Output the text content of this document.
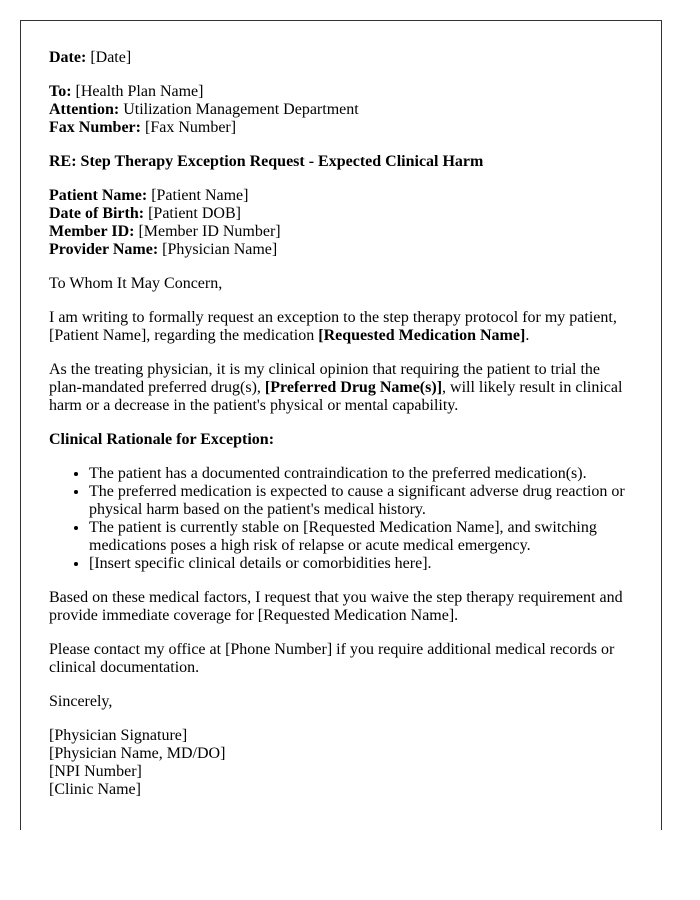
Date: [Date]

To: [Health Plan Name]
Attention: Utilization Management Department
Fax Number: [Fax Number]

RE: Step Therapy Exception Request - Expected Clinical Harm

Patient Name: [Patient Name]
Date of Birth: [Patient DOB]
Member ID: [Member ID Number]
Provider Name: [Physician Name]

To Whom It May Concern,

I am writing to formally request an exception to the step therapy protocol for my patient, [Patient Name], regarding the medication [Requested Medication Name].

As the treating physician, it is my clinical opinion that requiring the patient to trial the plan-mandated preferred drug(s), [Preferred Drug Name(s)], will likely result in clinical harm or a decrease in the patient's physical or mental capability.

Clinical Rationale for Exception:

• The patient has a documented contraindication to the preferred medication(s).
• The preferred medication is expected to cause a significant adverse drug reaction or physical harm based on the patient's medical history.
• The patient is currently stable on [Requested Medication Name], and switching medications poses a high risk of relapse or acute medical emergency.
• [Insert specific clinical details or comorbidities here].

Based on these medical factors, I request that you waive the step therapy requirement and provide immediate coverage for [Requested Medication Name].

Please contact my office at [Phone Number] if you require additional medical records or clinical documentation.

Sincerely,

[Physician Signature]
[Physician Name, MD/DO]
[NPI Number]
[Clinic Name]
